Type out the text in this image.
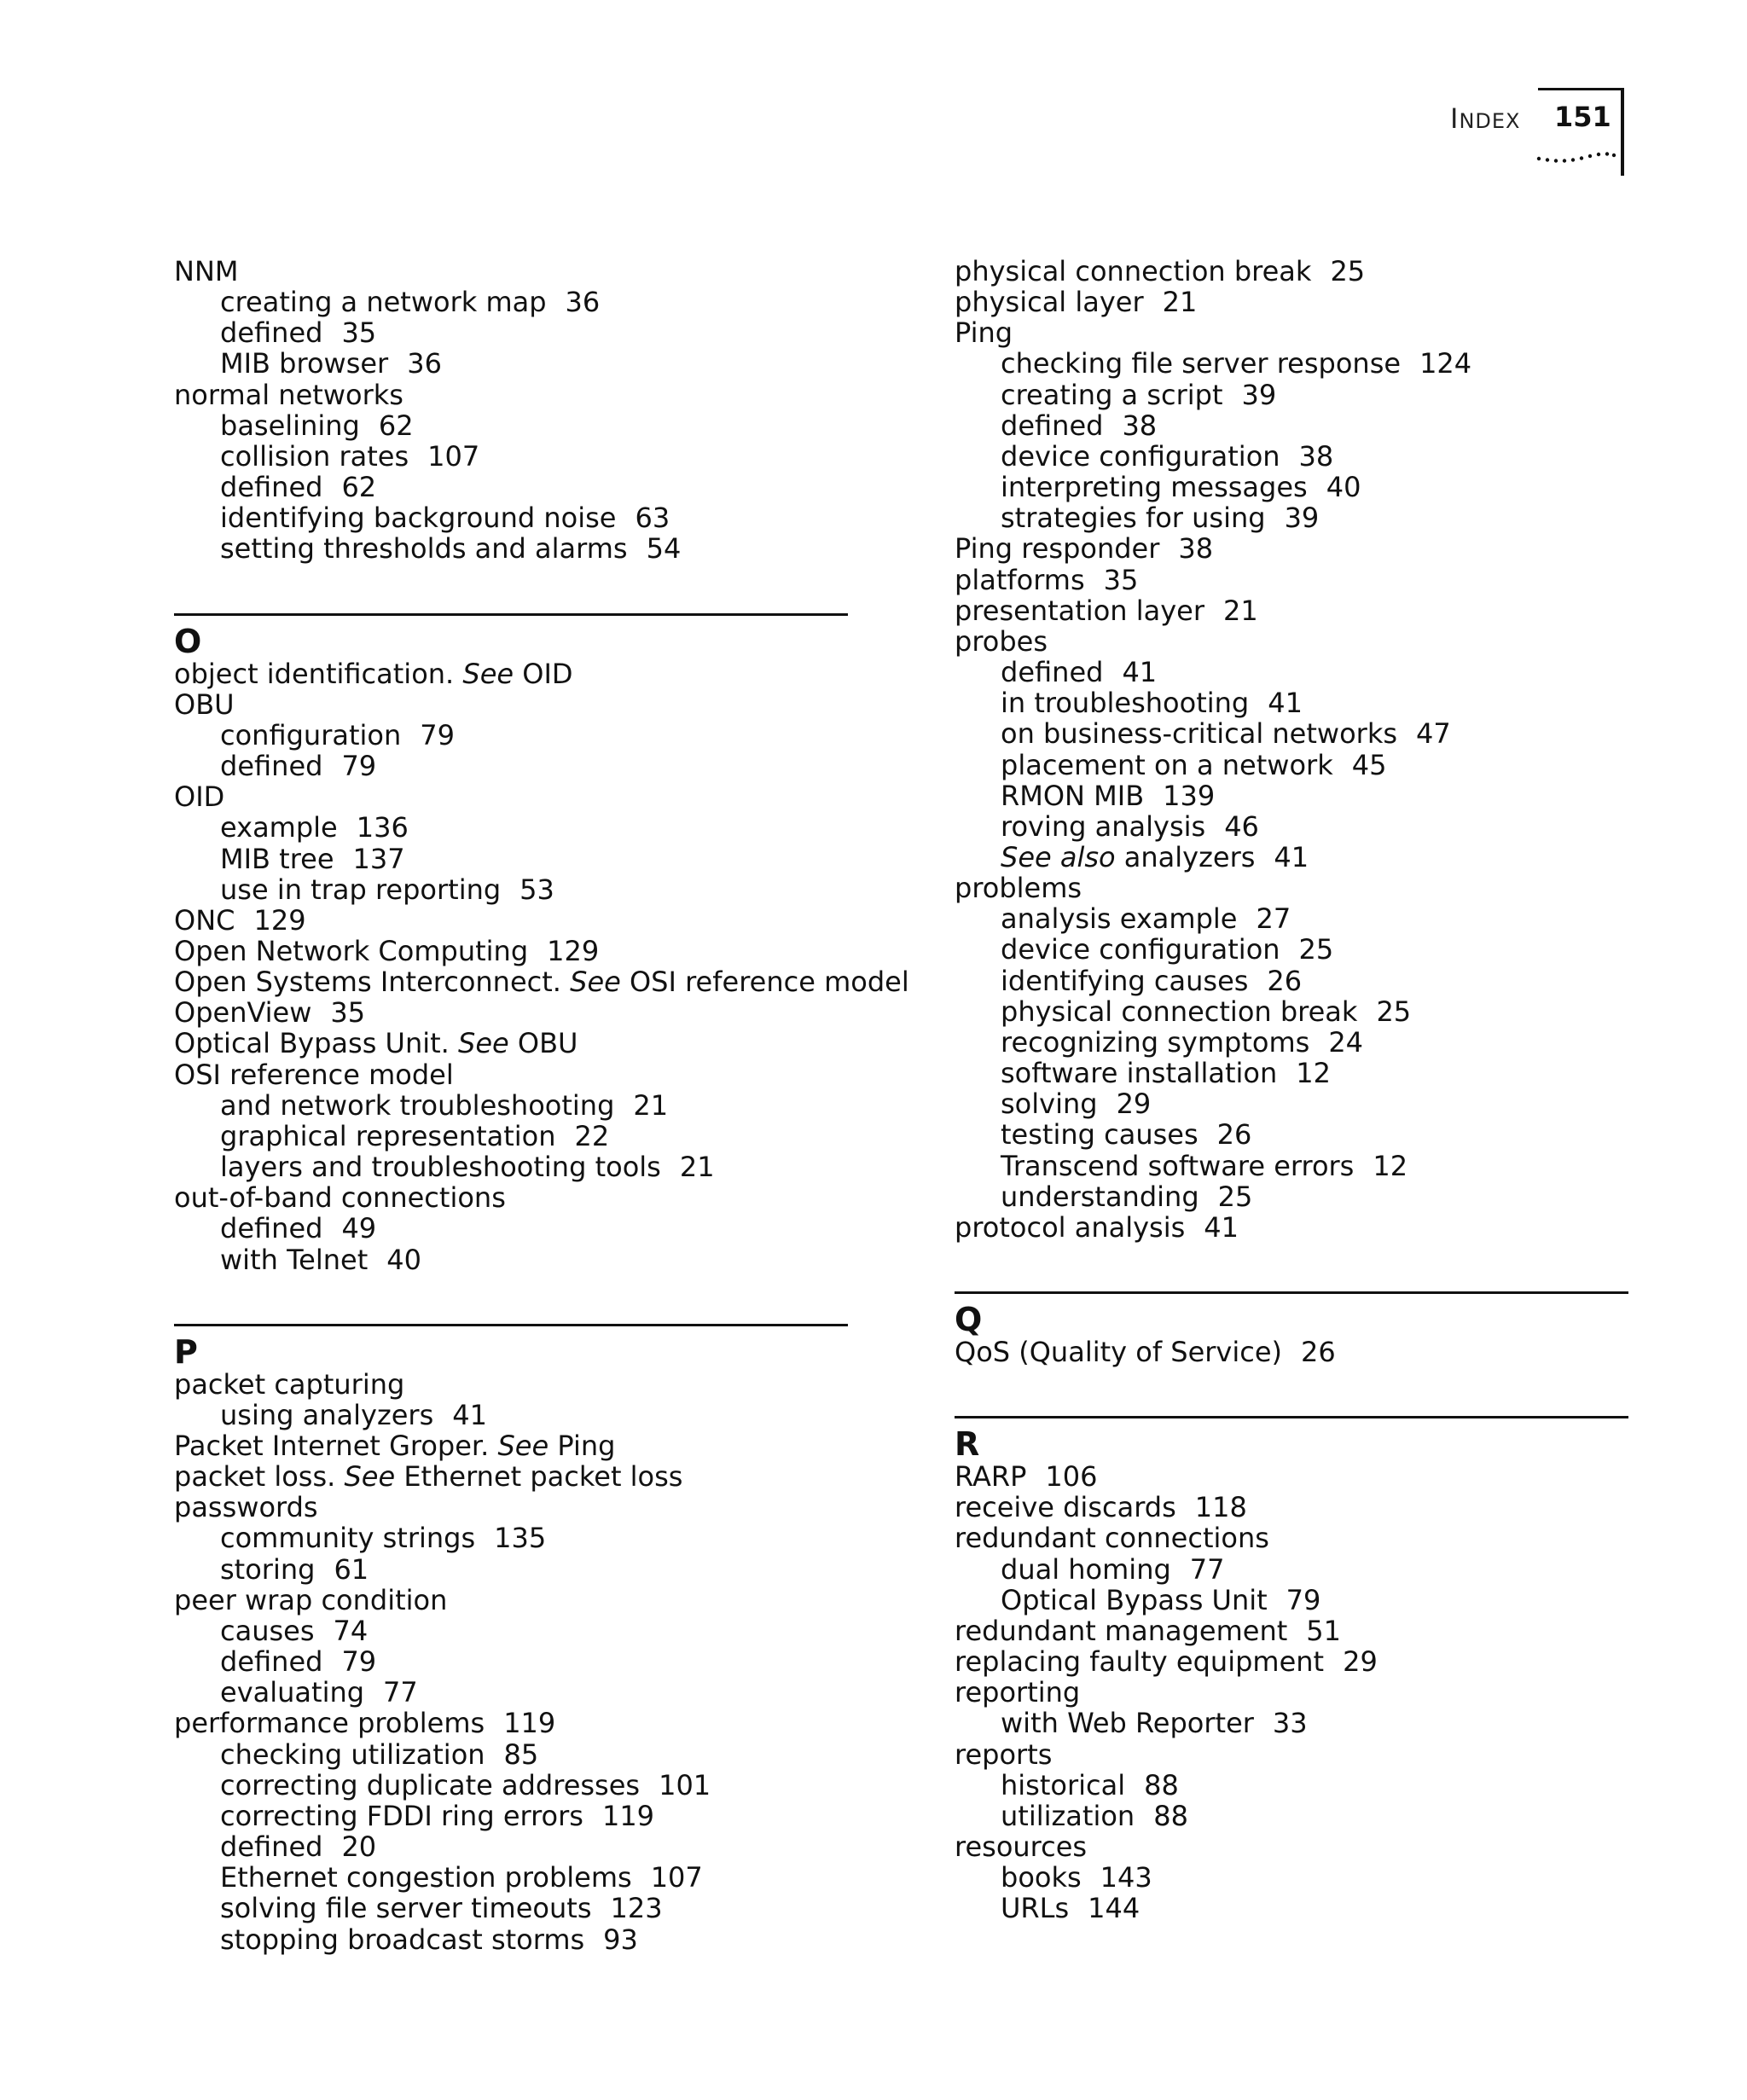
INDEX 151
NNM
creating a network map 36
defined 35
MIB browser 36
normal networks
baselining 62
collision rates 107
defined 62
identifying background noise 63
setting thresholds and alarms 54
O
object identification. See OID
OBU
configuration 79
defined 79
OID
example 136
MIB tree 137
use in trap reporting 53
ONC 129
Open Network Computing 129
Open Systems Interconnect. See OSI reference model
OpenView 35
Optical Bypass Unit. See OBU
OSI reference model
and network troubleshooting 21
graphical representation 22
layers and troubleshooting tools 21
out-of-band connections
defined 49
with Telnet 40
P
packet capturing
using analyzers 41
Packet Internet Groper. See Ping
packet loss. See Ethernet packet loss
passwords
community strings 135
storing 61
peer wrap condition
causes 74
defined 79
evaluating 77
performance problems 119
checking utilization 85
correcting duplicate addresses 101
correcting FDDI ring errors 119
defined 20
Ethernet congestion problems 107
solving file server timeouts 123
stopping broadcast storms 93
physical connection break 25
physical layer 21
Ping
checking file server response 124
creating a script 39
defined 38
device configuration 38
interpreting messages 40
strategies for using 39
Ping responder 38
platforms 35
presentation layer 21
probes
defined 41
in troubleshooting 41
on business-critical networks 47
placement on a network 45
RMON MIB 139
roving analysis 46
See also analyzers 41
problems
analysis example 27
device configuration 25
identifying causes 26
physical connection break 25
recognizing symptoms 24
software installation 12
solving 29
testing causes 26
Transcend software errors 12
understanding 25
protocol analysis 41
Q
QoS (Quality of Service) 26
R
RARP 106
receive discards 118
redundant connections
dual homing 77
Optical Bypass Unit 79
redundant management 51
replacing faulty equipment 29
reporting
with Web Reporter 33
reports
historical 88
utilization 88
resources
books 143
URLs 144
